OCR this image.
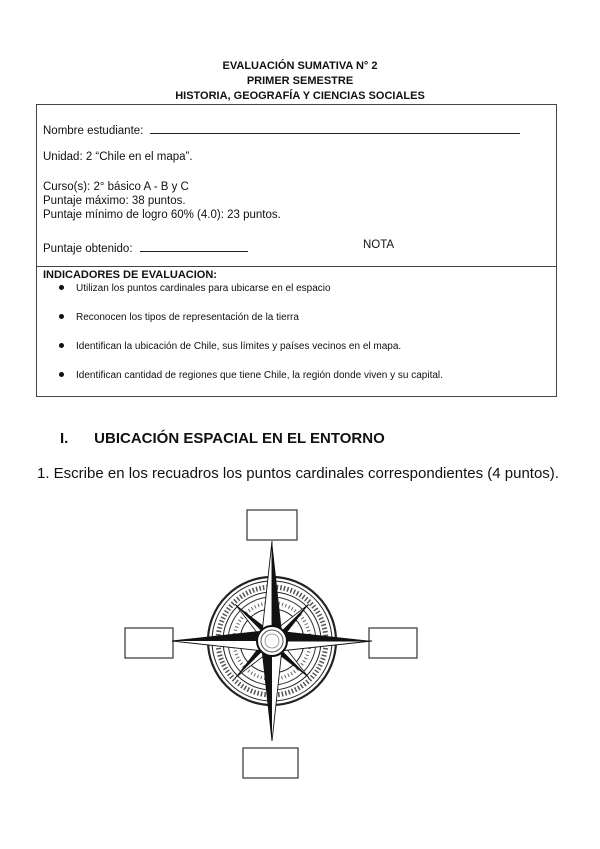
EVALUACIÓN SUMATIVA N° 2
PRIMER SEMESTRE
HISTORIA, GEOGRAFÍA Y CIENCIAS SOCIALES
Nombre estudiante:
Unidad: 2 “Chile en el mapa”.
Curso(s): 2° básico A - B y C
Puntaje máximo: 38 puntos.
Puntaje mínimo de logro 60% (4.0): 23 puntos.
Puntaje obtenido:	NOTA
INDICADORES DE EVALUACION:
Utilizan los puntos cardinales para ubicarse en el espacio
Reconocen los tipos de representación de la tierra
Identifican la ubicación de Chile, sus límites y países vecinos en el mapa.
Identifican cantidad de regiones que tiene Chile, la región donde viven y su capital.
I. UBICACIÓN ESPACIAL EN EL ENTORNO
1. Escribe en los recuadros los puntos cardinales correspondientes (4 puntos).
